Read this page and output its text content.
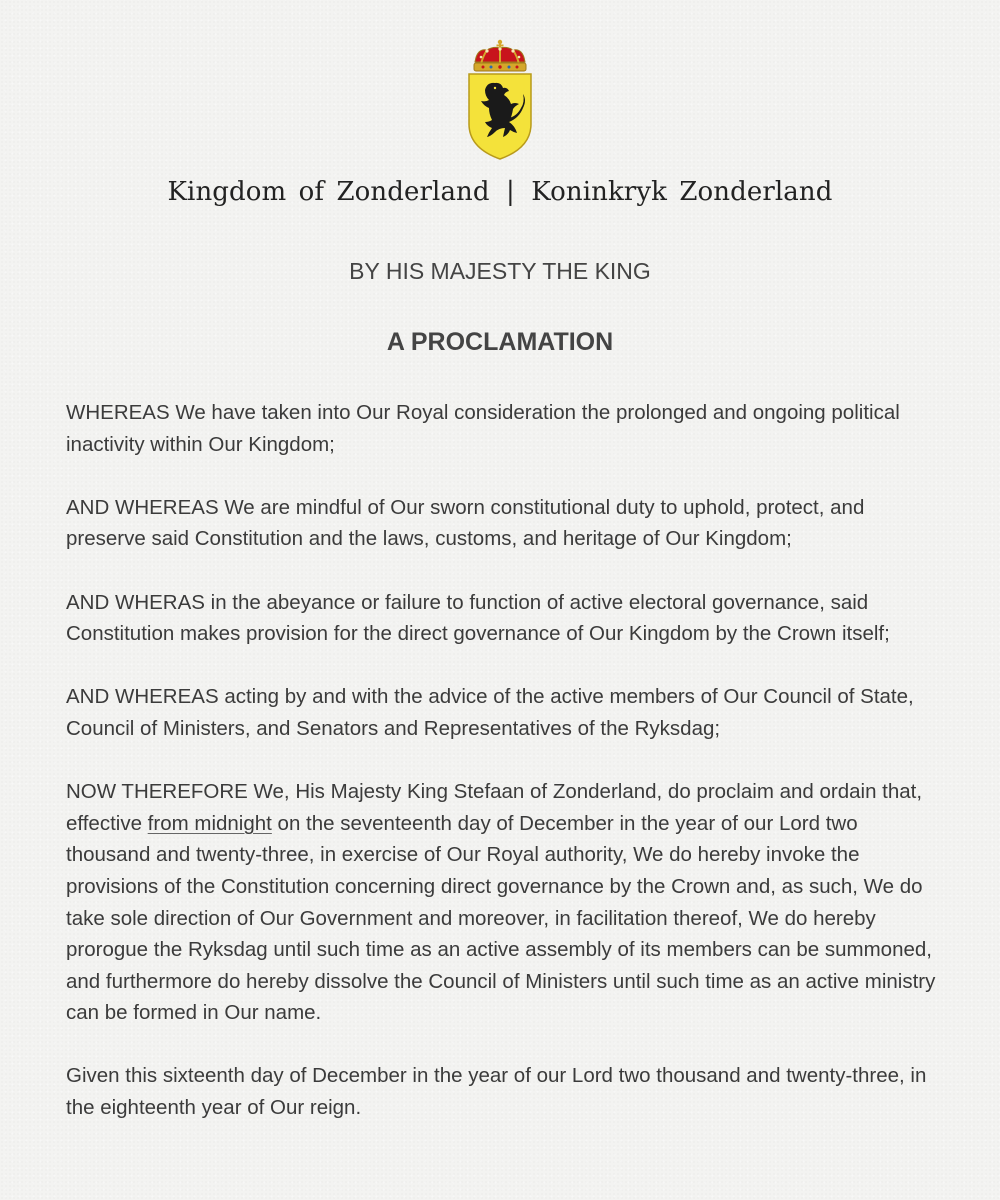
Kingdom of Zonderland | Koninkryk Zonderland
BY HIS MAJESTY THE KING
A PROCLAMATION

WHEREAS We have taken into Our Royal consideration the prolonged and ongoing political inactivity within Our Kingdom;

AND WHEREAS We are mindful of Our sworn constitutional duty to uphold, protect, and preserve said Constitution and the laws, customs, and heritage of Our Kingdom;

AND WHERAS in the abeyance or failure to function of active electoral governance, said Constitution makes provision for the direct governance of Our Kingdom by the Crown itself;

AND WHEREAS acting by and with the advice of the active members of Our Council of State, Council of Ministers, and Senators and Representatives of the Ryksdag;

NOW THEREFORE We, His Majesty King Stefaan of Zonderland, do proclaim and ordain that, effective from midnight on the seventeenth day of December in the year of our Lord two thousand and twenty-three, in exercise of Our Royal authority, We do hereby invoke the provisions of the Constitution concerning direct governance by the Crown and, as such, We do take sole direction of Our Government and moreover, in facilitation thereof, We do hereby prorogue the Ryksdag until such time as an active assembly of its members can be summoned, and furthermore do hereby dissolve the Council of Ministers until such time as an active ministry can be formed in Our name.

Given this sixteenth day of December in the year of our Lord two thousand and twenty-three, in the eighteenth year of Our reign.
